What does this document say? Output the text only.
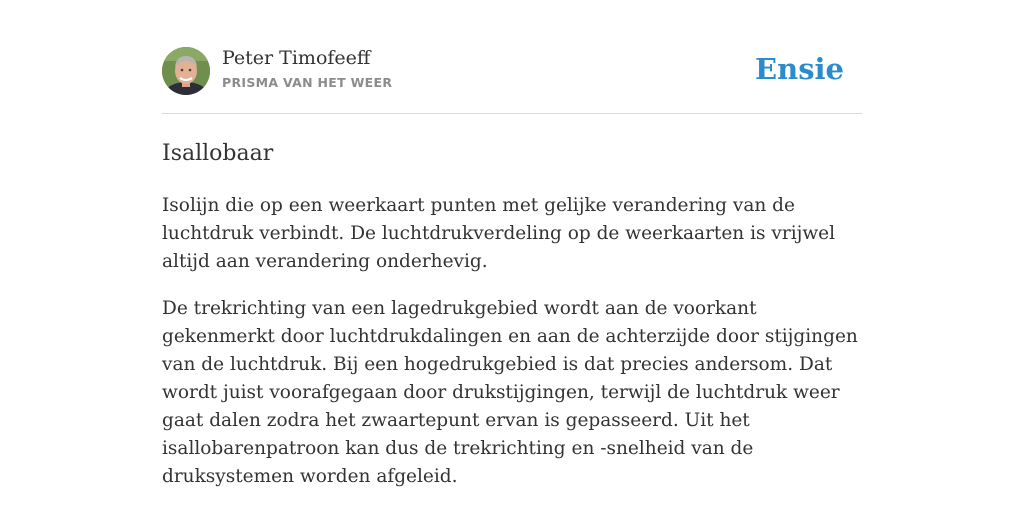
Peter Timofeeff
PRISMA VAN HET WEER	Ensie
Isallobaar

Isolijn die op een weerkaart punten met gelijke verandering van de luchtdruk verbindt. De luchtdrukverdeling op de weerkaarten is vrijwel altijd aan verandering onderhevig.

De trekrichting van een lagedrukgebied wordt aan de voorkant gekenmerkt door luchtdrukdalingen en aan de achterzijde door stijgingen van de luchtdruk. Bij een hogedrukgebied is dat precies andersom. Dat wordt juist voorafgegaan door drukstijgingen, terwijl de luchtdruk weer gaat dalen zodra het zwaartepunt ervan is gepasseerd. Uit het isallobarenpatroon kan dus de trekrichting en -snelheid van de druksystemen worden afgeleid.
